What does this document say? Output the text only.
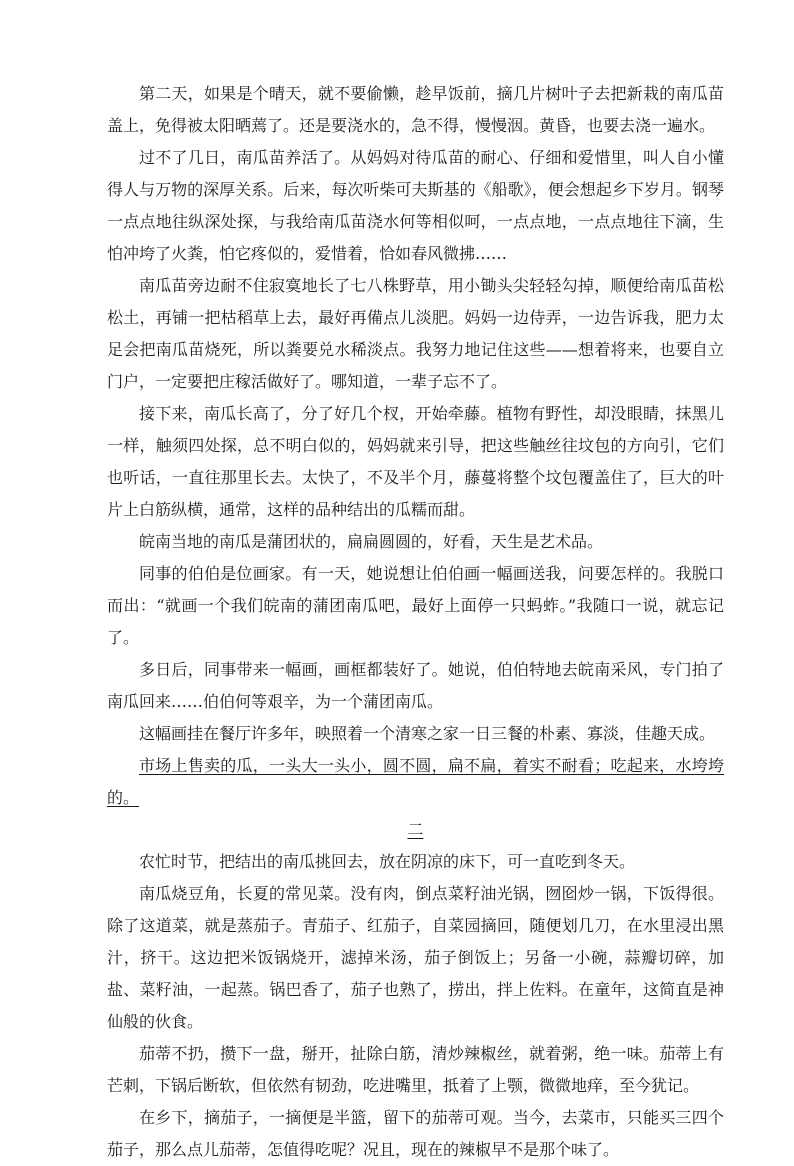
第二天，如果是个晴天，就不要偷懒，趁早饭前，摘几片树叶子去把新栽的南瓜苗盖上，免得被太阳晒蔫了。还是要浇水的，急不得，慢慢洇。黄昏，也要去浇一遍水。

过不了几日，南瓜苗养活了。从妈妈对待瓜苗的耐心、仔细和爱惜里，叫人自小懂得人与万物的深厚关系。后来，每次听柴可夫斯基的《船歌》，便会想起乡下岁月。钢琴一点点地往纵深处探，与我给南瓜苗浇水何等相似呵，一点点地，一点点地往下滴，生怕冲垮了火粪，怕它疼似的，爱惜着，恰如春风微拂……

南瓜苗旁边耐不住寂寞地长了七八株野草，用小锄头尖轻轻勾掉，顺便给南瓜苗松松土，再铺一把枯稻草上去，最好再備点儿淡肥。妈妈一边侍弄，一边告诉我，肥力太足会把南瓜苗烧死，所以粪要兑水稀淡点。我努力地记住这些——想着将来，也要自立门户，一定要把庄稼活做好了。哪知道，一辈子忘不了。

接下来，南瓜长高了，分了好几个杈，开始牵藤。植物有野性，却没眼睛，抹黑儿一样，触须四处探，总不明白似的，妈妈就来引导，把这些触丝往坟包的方向引，它们也听话，一直往那里长去。太快了，不及半个月，藤蔓将整个坟包覆盖住了，巨大的叶片上白筋纵横，通常，这样的品种结出的瓜糯而甜。

皖南当地的南瓜是蒲团状的，扁扁圆圆的，好看，天生是艺术品。

同事的伯伯是位画家。有一天，她说想让伯伯画一幅画送我，问要怎样的。我脱口而出：“就画一个我们皖南的蒲团南瓜吧，最好上面停一只蚂蚱。”我随口一说，就忘记了。

多日后，同事带来一幅画，画框都装好了。她说，伯伯特地去皖南采风，专门拍了南瓜回来……伯伯何等艰辛，为一个蒲团南瓜。

这幅画挂在餐厅许多年，映照着一个清寒之家一日三餐的朴素、寡淡，佳趣天成。

市场上售卖的瓜，一头大一头小，圆不圆，扁不扁，着实不耐看；吃起来，水垮垮的。

二

农忙时节，把结出的南瓜挑回去，放在阴凉的床下，可一直吃到冬天。

南瓜烧豆角，长夏的常见菜。没有肉，倒点菜籽油光锅，囫囵炒一锅，下饭得很。除了这道菜，就是蒸茄子。青茄子、红茄子，自菜园摘回，随便划几刀，在水里浸出黑汁，挤干。这边把米饭锅烧开，滤掉米汤，茄子倒饭上；另备一小碗，蒜瓣切碎，加盐、菜籽油，一起蒸。锅巴香了，茄子也熟了，捞出，拌上佐料。在童年，这简直是神仙般的伙食。

茄蒂不扔，攒下一盘，掰开，扯除白筋，清炒辣椒丝，就着粥，绝一味。茄蒂上有芒刺，下锅后断软，但依然有韧劲，吃进嘴里，抵着了上颚，微微地痒，至今犹记。

在乡下，摘茄子，一摘便是半篮，留下的茄蒂可观。当今，去菜市，只能买三四个茄子，那么点儿茄蒂，怎值得吃呢？况且，现在的辣椒早不是那个味了。
